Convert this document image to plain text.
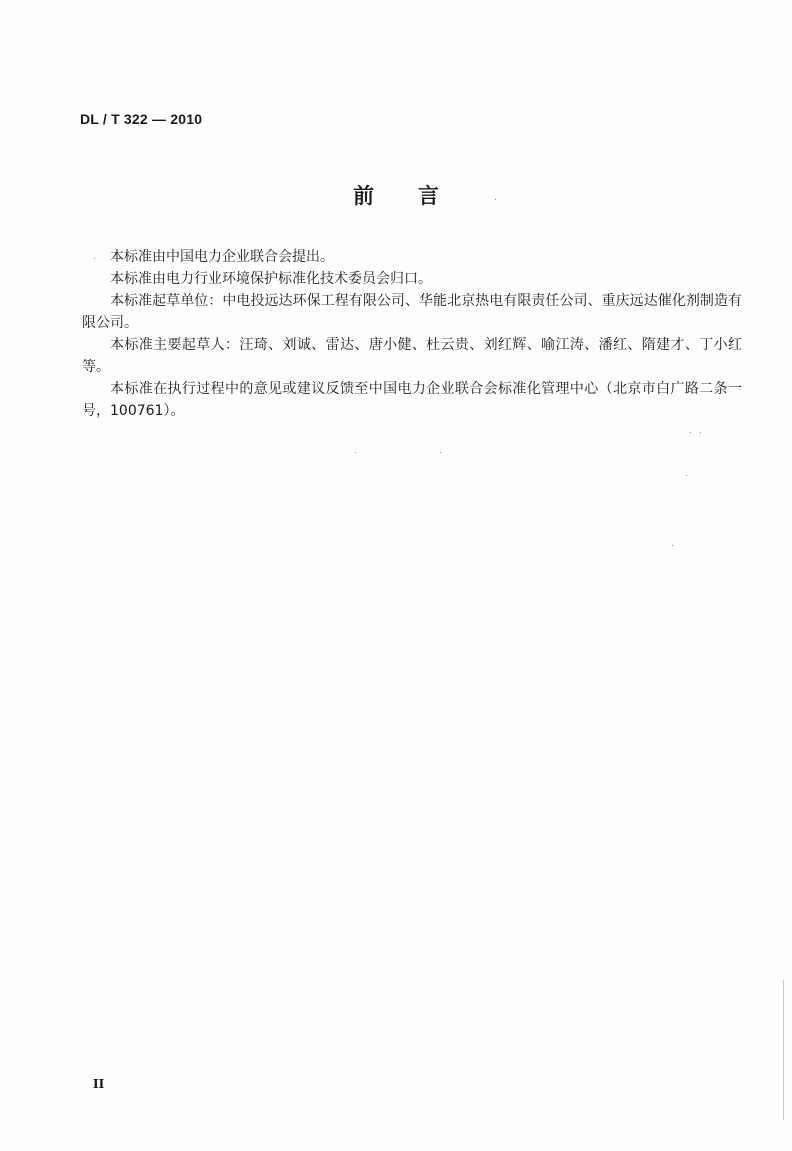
DL / T 322 — 2010
前 言

本标准由中国电力企业联合会提出。

本标准由电力行业环境保护标准化技术委员会归口。

本标准起草单位：中电投远达环保工程有限公司、华能北京热电有限责任公司、重庆远达催化剂制造有限公司。

本标准主要起草人：汪琦、刘诚、雷达、唐小健、杜云贵、刘红辉、喻江涛、潘红、隋建才、丁小红等。

本标准在执行过程中的意见或建议反馈至中国电力企业联合会标准化管理中心（北京市白广路二条一号，100761）。

II
